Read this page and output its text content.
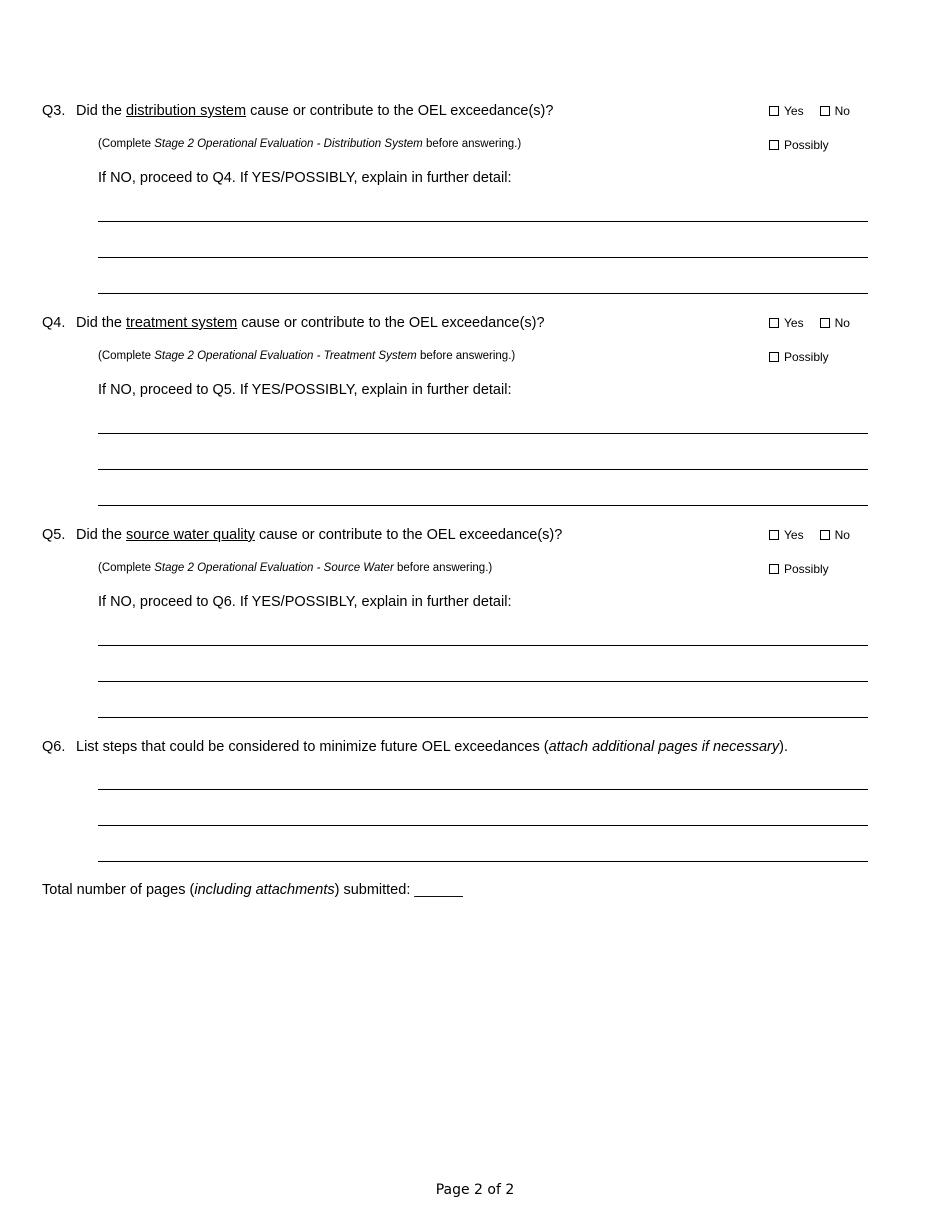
Q3. Did the distribution system cause or contribute to the OEL exceedance(s)?
(Complete Stage 2 Operational Evaluation - Distribution System before answering.)
If NO, proceed to Q4. If YES/POSSIBLY, explain in further detail:
Yes	No
Possibly
Q4. Did the treatment system cause or contribute to the OEL exceedance(s)?
(Complete Stage 2 Operational Evaluation - Treatment System before answering.)
If NO, proceed to Q5. If YES/POSSIBLY, explain in further detail:
Yes	No
Possibly
Q5. Did the source water quality cause or contribute to the OEL exceedance(s)?
(Complete Stage 2 Operational Evaluation - Source Water before answering.)
If NO, proceed to Q6. If YES/POSSIBLY, explain in further detail:
Yes	No
Possibly
Q6. List steps that could be considered to minimize future OEL exceedances (attach additional pages if necessary).
Total number of pages (including attachments) submitted: ______
Page 2 of 2
